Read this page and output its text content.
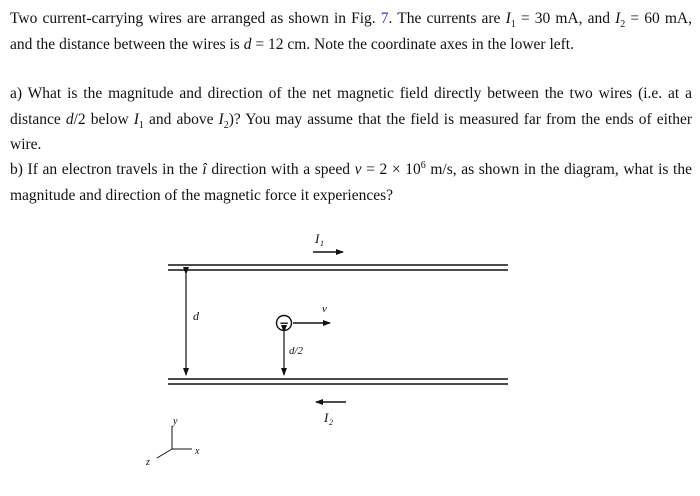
Two current-carrying wires are arranged as shown in Fig. 7. The currents are $I_1 = 30$ mA, and $I_2 = 60$ mA, and the distance between the wires is d = 12 cm. Note the coordinate axes in the lower left.
a) What is the magnitude and direction of the net magnetic field directly between the two wires (i.e. at a distance d/2 below $I_1$ and above $I_2$)? You may assume that the field is measured far from the ends of either wire.
b) If an electron travels in the î direction with a speed $v = 2 \times 10^6$ m/s, as shown in the diagram, what is the magnitude and direction of the magnetic force it experiences?
I 1
I 2
d	−
v
d/2
y
x
z
